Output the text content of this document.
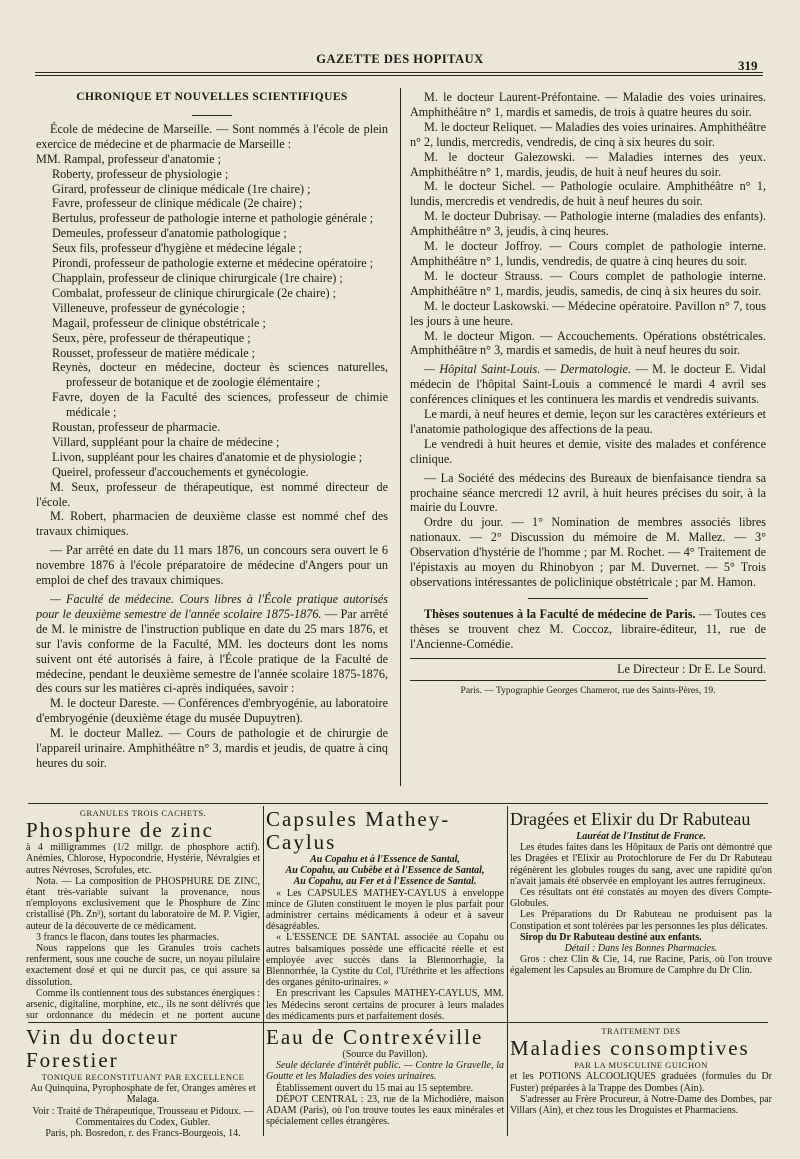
GAZETTE DES HOPITAUX	319
CHRONIQUE ET NOUVELLES SCIENTIFIQUES

École de médecine de Marseille. — Sont nommés à l'école de plein exercice de médecine et de pharmacie de Marseille :

MM. Rampal, professeur d'anatomie ;

Roberty, professeur de physiologie ;

Girard, professeur de clinique médicale (1re chaire) ;

Favre, professeur de clinique médicale (2e chaire) ;

Bertulus, professeur de pathologie interne et pathologie générale ;

Demeules, professeur d'anatomie pathologique ;

Seux fils, professeur d'hygiène et médecine légale ;

Pirondi, professeur de pathologie externe et médecine opératoire ;

Chapplain, professeur de clinique chirurgicale (1re chaire) ;

Combalat, professeur de clinique chirurgicale (2e chaire) ;

Villeneuve, professeur de gynécologie ;

Magail, professeur de clinique obstétricale ;

Seux, père, professeur de thérapeutique ;

Rousset, professeur de matière médicale ;

Reynès, docteur en médecine, docteur ès sciences naturelles, professeur de botanique et de zoologie élémentaire ;

Favre, doyen de la Faculté des sciences, professeur de chimie médicale ;

Roustan, professeur de pharmacie.

Villard, suppléant pour la chaire de médecine ;

Livon, suppléant pour les chaires d'anatomie et de physiologie ;

Queirel, professeur d'accouchements et gynécologie.

M. Seux, professeur de thérapeutique, est nommé directeur de l'école.

M. Robert, pharmacien de deuxième classe est nommé chef des travaux chimiques.

— Par arrêté en date du 11 mars 1876, un concours sera ouvert le 6 novembre 1876 à l'école préparatoire de médecine d'Angers pour un emploi de chef des travaux chimiques.

— Faculté de médecine. Cours libres à l'École pratique autorisés pour le deuxième semestre de l'année scolaire 1875-1876. — Par arrêté de M. le ministre de l'instruction publique en date du 25 mars 1876, et sur l'avis conforme de la Faculté, MM. les docteurs dont les noms suivent ont été autorisés à faire, à l'École pratique de la Faculté de médecine, pendant le deuxième semestre de l'année scolaire 1875-1876, des cours sur les matières ci-après indiquées, savoir :

M. le docteur Dareste. — Conférences d'embryogénie, au laboratoire d'embryogénie (deuxième étage du musée Dupuytren).

M. le docteur Mallez. — Cours de pathologie et de chirurgie de l'appareil urinaire. Amphithéâtre n° 3, mardis et jeudis, de quatre à cinq heures du soir.

M. le docteur Laurent-Préfontaine. — Maladie des voies urinaires. Amphithéâtre n° 1, mardis et samedis, de trois à quatre heures du soir.

M. le docteur Reliquet. — Maladies des voies urinaires. Amphithéâtre n° 2, lundis, mercredis, vendredis, de cinq à six heures du soir.

M. le docteur Galezowski. — Maladies internes des yeux. Amphithéâtre n° 1, mardis, jeudis, de huit à neuf heures du soir.

M. le docteur Sichel. — Pathologie oculaire. Amphithéâtre n° 1, lundis, mercredis et vendredis, de huit à neuf heures du soir.

M. le docteur Dubrisay. — Pathologie interne (maladies des enfants). Amphithéâtre n° 3, jeudis, à cinq heures.

M. le docteur Joffroy. — Cours complet de pathologie interne. Amphithéâtre n° 1, lundis, vendredis, de quatre à cinq heures du soir.

M. le docteur Strauss. — Cours complet de pathologie interne. Amphithéâtre n° 1, mardis, jeudis, samedis, de cinq à six heures du soir.

M. le docteur Laskowski. — Médecine opératoire. Pavillon n° 7, tous les jours à une heure.

M. le docteur Migon. — Accouchements. Opérations obstétricales. Amphithéâtre n° 3, mardis et samedis, de huit à neuf heures du soir.

— Hôpital Saint-Louis. — Dermatologie. — M. le docteur E. Vidal médecin de l'hôpital Saint-Louis a commencé le mardi 4 avril ses conférences cliniques et les continuera les mardis et vendredis suivants.

Le mardi, à neuf heures et demie, leçon sur les caractères extérieurs et l'anatomie pathologique des affections de la peau.

Le vendredi à huit heures et demie, visite des malades et conférence clinique.

— La Société des médecins des Bureaux de bienfaisance tiendra sa prochaine séance mercredi 12 avril, à huit heures précises du soir, à la mairie du Louvre.

Ordre du jour. — 1° Nomination de membres associés libres nationaux. — 2° Discussion du mémoire de M. Mallez. — 3° Observation d'hystérie de l'homme ; par M. Rochet. — 4° Traitement de l'épistaxis au moyen du Rhinobyon ; par M. Duvernet. — 5° Trois observations intéressantes de policlinique obstétricale ; par M. Hamon.

Thèses soutenues à la Faculté de médecine de Paris. — Toutes ces thèses se trouvent chez M. Coccoz, libraire-éditeur, 11, rue de l'Ancienne-Comédie.

Le Directeur : Dr E. Le Sourd.

Paris. — Typographie Georges Chamerot, rue des Saints-Pères, 19.

GRANULES TROIS CACHETS.

Phosphure de zinc

à 4 milligrammes (1/2 millgr. de phosphore actif). Anémies, Chlorose, Hypocondrie, Hystérie, Névralgies et autres Névroses, Scrofules, etc.

Nota. — La composition de PHOSPHURE DE ZINC, étant très-variable suivant la provenance, nous n'employons exclusivement que le Phosphure de Zinc cristallisé (Ph. Zn³), sortant du laboratoire de M. P. Vigier, auteur de la découverte de ce médicament.

3 francs le flacon, dans toutes les pharmacies.

Nous rappelons que les Granules trois cachets renferment, sous une couche de sucre, un noyau pilulaire exactement dosé et qui ne durcit pas, ce qui assure sa dissolution.

Comme ils contiennent tous des substances énergiques : arsenic, digitaline, morphine, etc., ils ne sont délivrés que sur ordonnance du médecin et ne portent aucune

Capsules Mathey-Caylus

Au Copahu et à l'Essence de Santal,

Au Copahu, au Cubèbe et à l'Essence de Santal,

Au Copahu, au Fer et à l'Essence de Santal.

« Les CAPSULES MATHEY-CAYLUS à enveloppe mince de Gluten constituent le moyen le plus parfait pour administrer certains médicaments à odeur et à saveur désagréables.

« L'ESSENCE DE SANTAL associée au Copahu ou autres balsamiques possède une efficacité réelle et est employée avec succès dans la Blennorrhagie, la Blennorrhée, la Cystite du Col, l'Uréthrite et les affections des organes génito-urinaires. »

En prescrivant les Capsules MATHEY-CAYLUS, MM. les Médecins seront certains de procurer à leurs malades des médicaments purs et parfaitement dosés.

Dragées et Elixir du Dr Rabuteau

Lauréat de l'Institut de France.

Les études faites dans les Hôpitaux de Paris ont démontré que les Dragées et l'Elixir au Protochlorure de Fer du Dr Rabuteau régénèrent les globules rouges du sang, avec une rapidité qu'on n'avait jamais été observée en employant les autres ferrugineux.

Ces résultats ont été constatés au moyen des divers Compte-Globules.

Les Préparations du Dr Rabuteau ne produisent pas la Constipation et sont tolérées par les personnes les plus délicates.

Sirop du Dr Rabuteau destiné aux enfants.

Détail : Dans les Bonnes Pharmacies.

Gros : chez Clin & Cie, 14, rue Racine, Paris, où l'on trouve également les Capsules au Bromure de Camphre du Dr Clin.

Vin du docteur Forestier

TONIQUE RECONSTITUANT PAR EXCELLENCE

Au Quinquina, Pyrophosphate de fer, Oranges amères et Malaga.

Voir : Traité de Thérapeutique, Trousseau et Pidoux. — Commentaires du Codex, Gubler.

Paris, ph. Bosredon, r. des Francs-Bourgeois, 14.

Eau de Contrexéville

(Source du Pavillon).

Seule déclarée d'intérêt public. — Contre la Gravelle, la Goutte et les Maladies des voies urinaires.

Établissement ouvert du 15 mai au 15 septembre.

DÉPOT CENTRAL : 23, rue de la Michodière, maison ADAM (Paris), où l'on trouve toutes les eaux minérales et spécialement celles étrangères.

TRAITEMENT DES

Maladies consomptives

PAR LA MUSCULINE GUICHON

et les POTIONS ALCOOLIQUES graduées (formules du Dr Fuster) préparées à la Trappe des Dombes (Ain).

S'adresser au Frère Procureur, à Notre-Dame des Dombes, par Villars (Ain), et chez tous les Droguistes et Pharmaciens.
